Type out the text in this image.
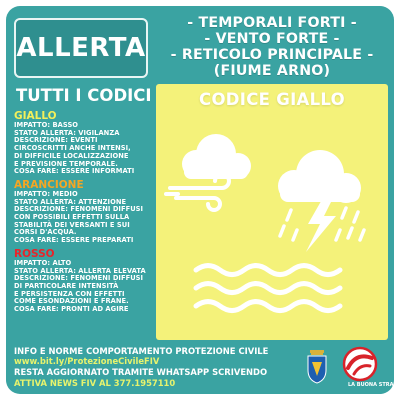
ALLERTA
- TEMPORALI FORTI -
- VENTO FORTE -
- RETICOLO PRINCIPALE -
(FIUME ARNO)
TUTTI I CODICI
GIALLO
IMPATTO: BASSO
STATO ALLERTA: VIGILANZA
DESCRIZIONE: EVENTI
CIRCOSCRITTI ANCHE INTENSI,
DI DIFFICILE LOCALIZZAZIONE
E PREVISIONE TEMPORALE.
COSA FARE: ESSERE INFORMATI
ARANCIONE
IMPATTO: MEDIO
STATO ALLERTA: ATTENZIONE
DESCRIZIONE: FENOMENI DIFFUSI
CON POSSIBILI EFFETTI SULLA
STABILITÀ DEI VERSANTI E SUI
CORSI D'ACQUA.
COSA FARE: ESSERE PREPARATI
ROSSO
IMPATTO: ALTO
STATO ALLERTA: ALLERTA ELEVATA
DESCRIZIONE: FENOMENI DIFFUSI
DI PARTICOLARE INTENSITÀ
E PERSISTENZA CON EFFETTI
COME ESONDAZIONI E FRANE.
COSA FARE: PRONTI AD AGIRE
CODICE GIALLO
INFO E NORME COMPORTAMENTO PROTEZIONE CIVILE
www.bit.ly/ProtezioneCivileFIV
RESTA AGGIORNATO TRAMITE WHATSAPP SCRIVENDO
ATTIVA NEWS FIV AL 377.1957110	LA BUONA STRADA
